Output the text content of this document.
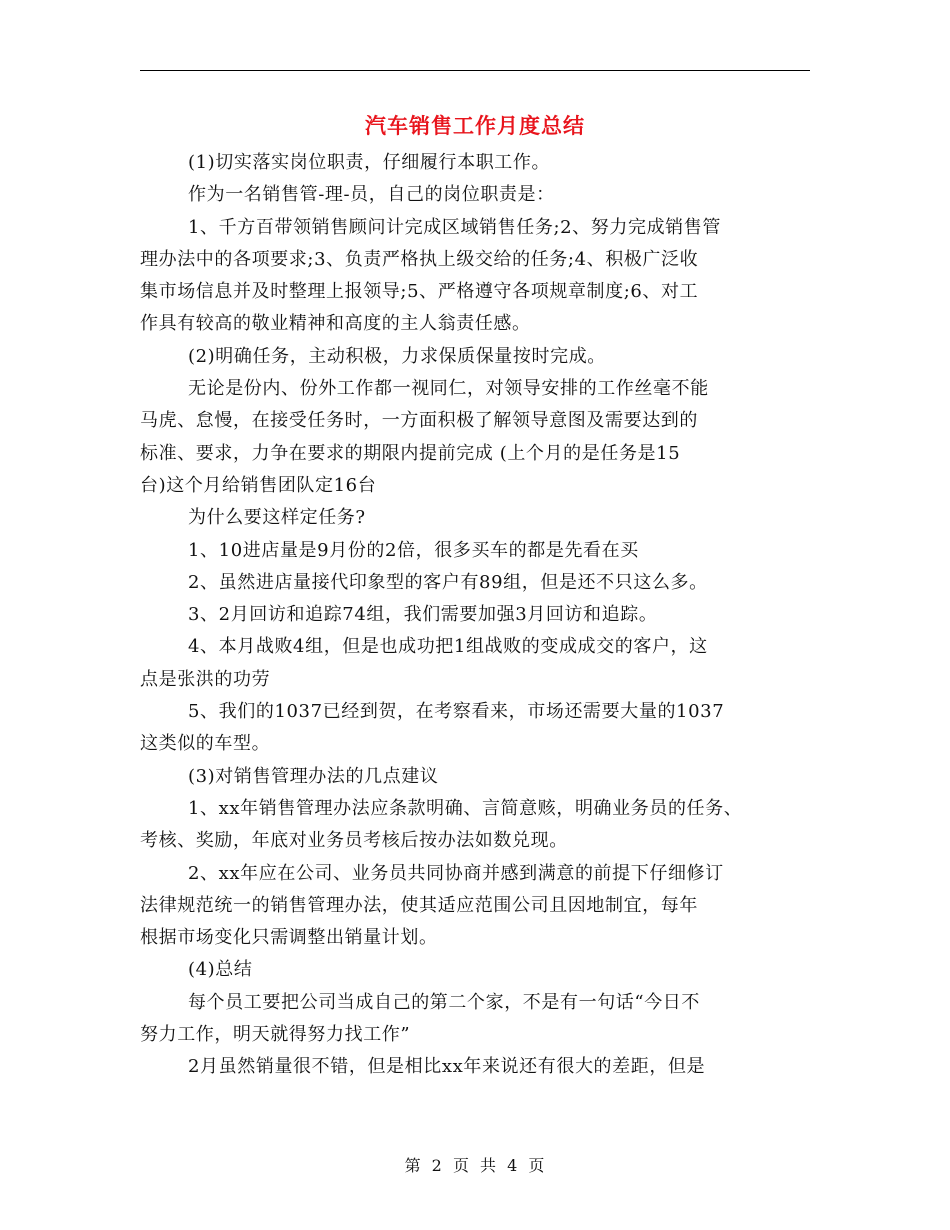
汽车销售工作月度总结

(1)切实落实岗位职责，仔细履行本职工作。

作为一名销售管-理-员，自己的岗位职责是：

1、千方百带领销售顾问计完成区域销售任务;2、努力完成销售管
理办法中的各项要求;3、负责严格执上级交给的任务;4、积极广泛收
集市场信息并及时整理上报领导;5、严格遵守各项规章制度;6、对工
作具有较高的敬业精神和高度的主人翁责任感。

(2)明确任务，主动积极，力求保质保量按时完成。

无论是份内、份外工作都一视同仁，对领导安排的工作丝毫不能
马虎、怠慢，在接受任务时，一方面积极了解领导意图及需要达到的
标准、要求，力争在要求的期限内提前完成 (上个月的是任务是15
台)这个月给销售团队定16台

为什么要这样定任务?

1、10进店量是9月份的2倍，很多买车的都是先看在买

2、虽然进店量接代印象型的客户有89组，但是还不只这么多。

3、2月回访和追踪74组，我们需要加强3月回访和追踪。

4、本月战败4组，但是也成功把1组战败的变成成交的客户，这
点是张洪的功劳

5、我们的1037已经到贺，在考察看来，市场还需要大量的1037
这类似的车型。

(3)对销售管理办法的几点建议

1、xx年销售管理办法应条款明确、言简意赅，明确业务员的任务、
考核、奖励，年底对业务员考核后按办法如数兑现。

2、xx年应在公司、业务员共同协商并感到满意的前提下仔细修订
法律规范统一的销售管理办法，使其适应范围公司且因地制宜，每年
根据市场变化只需调整出销量计划。

(4)总结

每个员工要把公司当成自己的第二个家，不是有一句话“今日不
努力工作，明天就得努力找工作”

2月虽然销量很不错，但是相比xx年来说还有很大的差距，但是

第 2 页 共 4 页
